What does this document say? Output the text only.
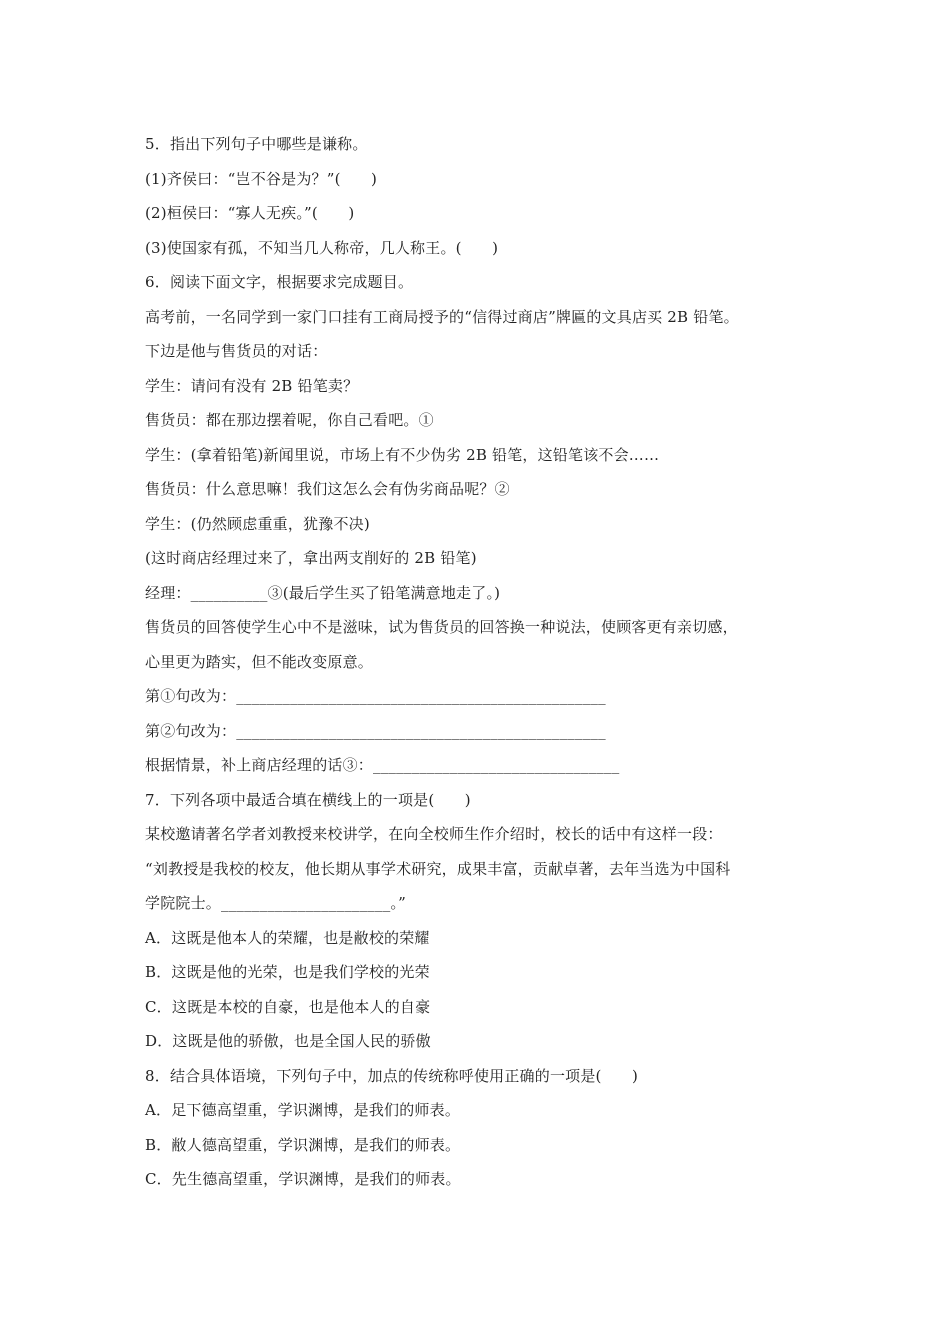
5．指出下列句子中哪些是谦称。
(1)齐侯曰：“岂不谷是为？”(　　)
(2)桓侯曰：“寡人无疾。”(　　)
(3)使国家有孤，不知当几人称帝，几人称王。(　　)
6．阅读下面文字，根据要求完成题目。
高考前，一名同学到一家门口挂有工商局授予的“信得过商店”牌匾的文具店买 2B 铅笔。
下边是他与售货员的对话：
学生：请问有没有 2B 铅笔卖？
售货员：都在那边摆着呢，你自己看吧。①
学生：(拿着铅笔)新闻里说，市场上有不少伪劣 2B 铅笔，这铅笔该不会……
售货员：什么意思嘛！我们这怎么会有伪劣商品呢？②
学生：(仍然顾虑重重，犹豫不决)
(这时商店经理过来了，拿出两支削好的 2B 铅笔)
经理：__________③(最后学生买了铅笔满意地走了。)
售货员的回答使学生心中不是滋味，试为售货员的回答换一种说法，使顾客更有亲切感，
心里更为踏实，但不能改变原意。
第①句改为：________________________________________________
第②句改为：________________________________________________
根据情景，补上商店经理的话③：________________________________
7．下列各项中最适合填在横线上的一项是(　　)
某校邀请著名学者刘教授来校讲学，在向全校师生作介绍时，校长的话中有这样一段：
“刘教授是我校的校友，他长期从事学术研究，成果丰富，贡献卓著，去年当选为中国科
学院院士。______________________。”
A．这既是他本人的荣耀，也是敝校的荣耀
B．这既是他的光荣，也是我们学校的光荣
C．这既是本校的自豪，也是他本人的自豪
D．这既是他的骄傲，也是全国人民的骄傲
8．结合具体语境，下列句子中，加点的传统称呼使用正确的一项是(　　)
A．足下德高望重，学识渊博，是我们的师表。
B．敝人德高望重，学识渊博，是我们的师表。
C．先生德高望重，学识渊博，是我们的师表。
